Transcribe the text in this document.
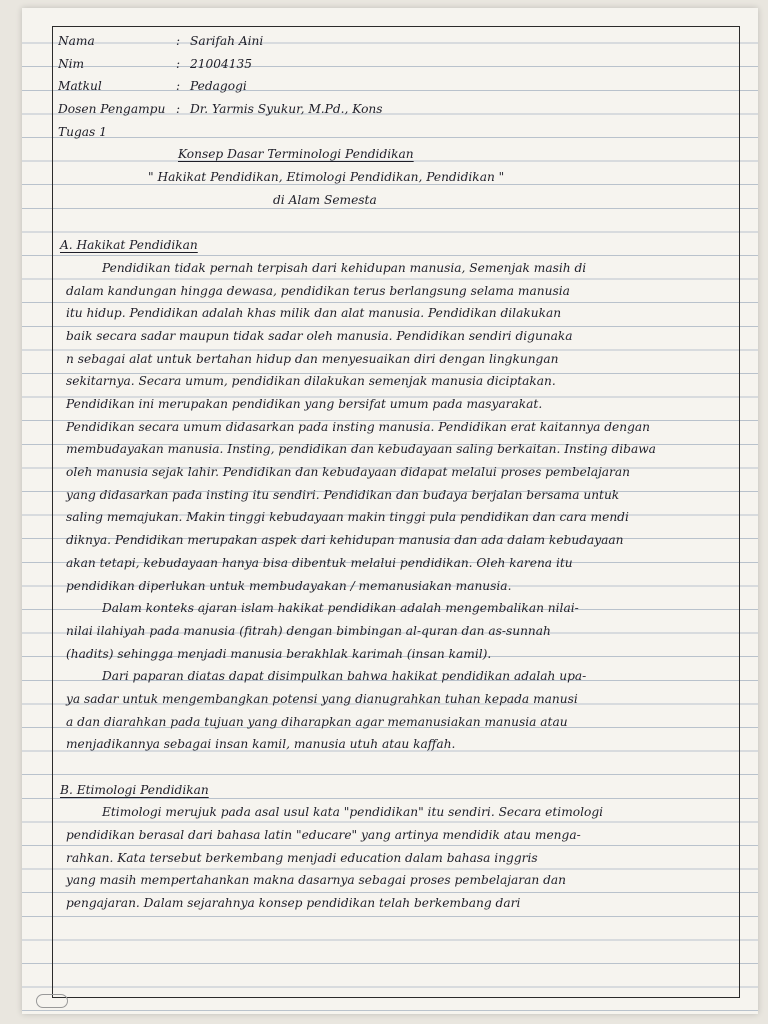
Nama	: Sarifah Aini
Nim	: 21004135
Matkul	: Pedagogi
Dosen Pengampu : Dr. Yarmis Syukur, M.Pd., Kons
Tugas 1
Konsep Dasar Terminologi Pendidikan
" Hakikat Pendidikan, Etimologi Pendidikan, Pendidikan "
di Alam Semesta
A. Hakikat Pendidikan
Pendidikan tidak pernah terpisah dari kehidupan manusia, Semenjak masih di
dalam kandungan hingga dewasa, pendidikan terus berlangsung selama manusia
itu hidup. Pendidikan adalah khas milik dan alat manusia. Pendidikan dilakukan
baik secara sadar maupun tidak sadar oleh manusia. Pendidikan sendiri digunaka
n sebagai alat untuk bertahan hidup dan menyesuaikan diri dengan lingkungan
sekitarnya. Secara umum, pendidikan dilakukan semenjak manusia diciptakan.
Pendidikan ini merupakan pendidikan yang bersifat umum pada masyarakat.
Pendidikan secara umum didasarkan pada insting manusia. Pendidikan erat kaitannya dengan
membudayakan manusia. Insting, pendidikan dan kebudayaan saling berkaitan. Insting dibawa
oleh manusia sejak lahir. Pendidikan dan kebudayaan didapat melalui proses pembelajaran
yang didasarkan pada insting itu sendiri. Pendidikan dan budaya berjalan bersama untuk
saling memajukan. Makin tinggi kebudayaan makin tinggi pula pendidikan dan cara mendi
diknya. Pendidikan merupakan aspek dari kehidupan manusia dan ada dalam kebudayaan
akan tetapi, kebudayaan hanya bisa dibentuk melalui pendidikan. Oleh karena itu
pendidikan diperlukan untuk membudayakan / memanusiakan manusia.
Dalam konteks ajaran islam hakikat pendidikan adalah mengembalikan nilai-
nilai ilahiyah pada manusia (fitrah) dengan bimbingan al-quran dan as-sunnah
(hadits) sehingga menjadi manusia berakhlak karimah (insan kamil).
Dari paparan diatas dapat disimpulkan bahwa hakikat pendidikan adalah upa-
ya sadar untuk mengembangkan potensi yang dianugrahkan tuhan kepada manusi
a dan diarahkan pada tujuan yang diharapkan agar memanusiakan manusia atau
menjadikannya sebagai insan kamil, manusia utuh atau kaffah.
B. Etimologi Pendidikan
Etimologi merujuk pada asal usul kata "pendidikan" itu sendiri. Secara etimologi
pendidikan berasal dari bahasa latin "educare" yang artinya mendidik atau menga-
rahkan. Kata tersebut berkembang menjadi education dalam bahasa inggris
yang masih mempertahankan makna dasarnya sebagai proses pembelajaran dan
pengajaran. Dalam sejarahnya konsep pendidikan telah berkembang dari
